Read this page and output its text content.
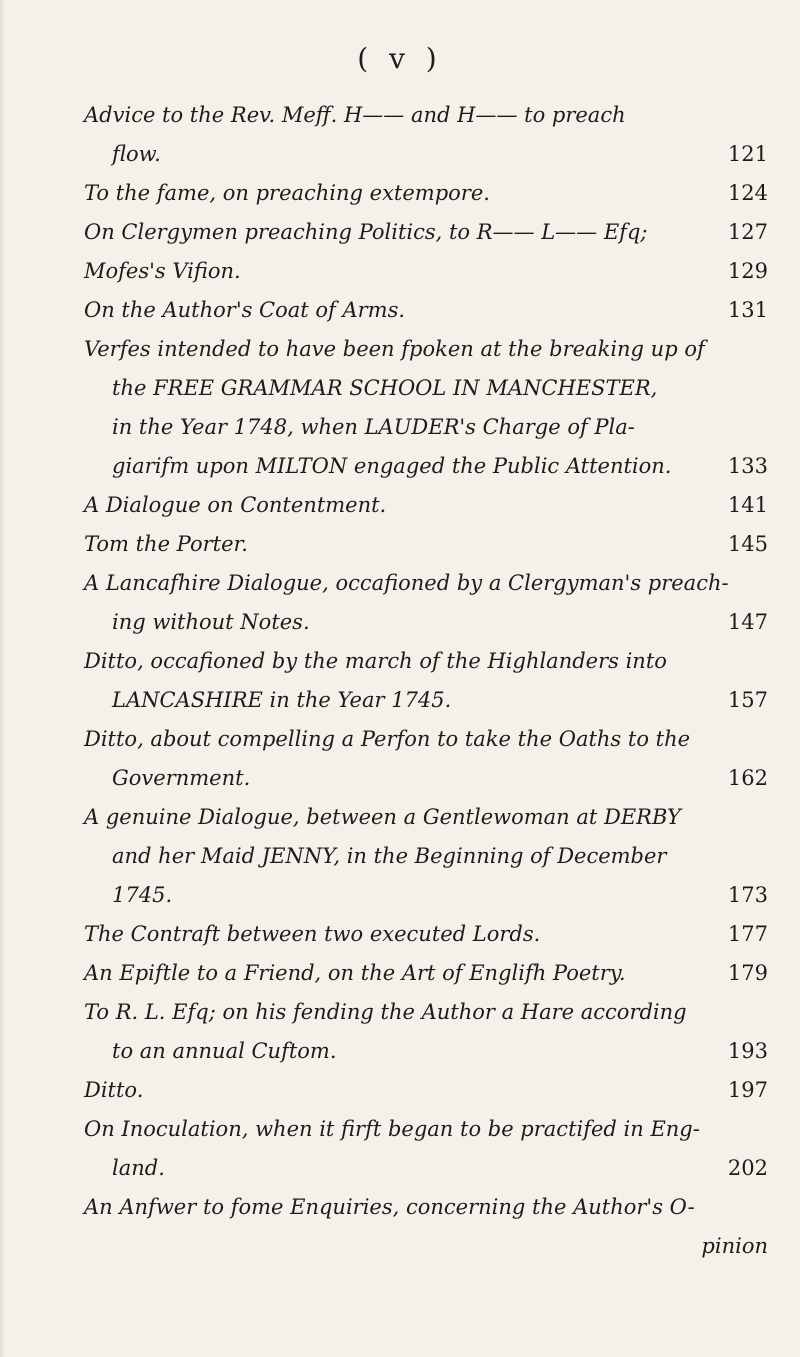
( v )
Advice to the Rev. Meff. H—— and H—— to preach
flow.	121
To the fame, on preaching extempore.	124
On Clergymen preaching Politics, to R—— L—— Efq;	127
Mofes's Vifion.	129
On the Author's Coat of Arms.	131
Verfes intended to have been fpoken at the breaking up of
the FREE GRAMMAR SCHOOL IN MANCHESTER,
in the Year 1748, when LAUDER's Charge of Pla-
giarifm upon MILTON engaged the Public Attention.	133
A Dialogue on Contentment.	141
Tom the Porter.	145
A Lancafhire Dialogue, occafioned by a Clergyman's preach-
ing without Notes.	147
Ditto, occafioned by the march of the Highlanders into
LANCASHIRE in the Year 1745.	157
Ditto, about compelling a Perfon to take the Oaths to the
Government.	162
A genuine Dialogue, between a Gentlewoman at DERBY
and her Maid JENNY, in the Beginning of December
1745.	173
The Contraft between two executed Lords.	177
An Epiftle to a Friend, on the Art of Englifh Poetry.	179
To R. L. Efq; on his fending the Author a Hare according
to an annual Cuftom.	193
Ditto.	197
On Inoculation, when it firft began to be practifed in Eng-
land.	202
An Anfwer to fome Enquiries, concerning the Author's O-
pinion
